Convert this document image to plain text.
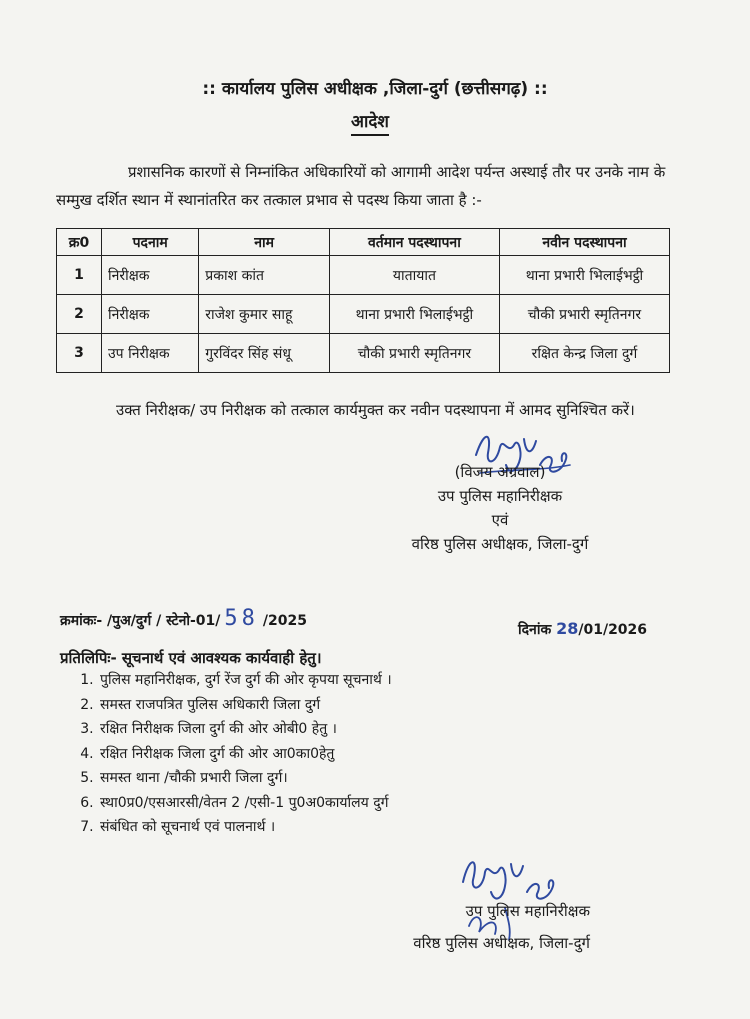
:: कार्यालय पुलिस अधीक्षक ,जिला-दुर्ग (छत्तीसगढ़) ::
आदेश
प्रशासनिक कारणों से निम्नांकित अधिकारियों को आगामी आदेश पर्यन्त अस्थाई तौर पर उनके नाम के सम्मुख दर्शित स्थान में स्थानांतरित कर तत्काल प्रभाव से पदस्थ किया जाता है :-
क्र0	पदनाम	नाम	वर्तमान पदस्थापना	नवीन पदस्थापना
1	निरीक्षक	प्रकाश कांत	यातायात	थाना प्रभारी भिलाईभट्ठी
2	निरीक्षक	राजेश कुमार साहू	थाना प्रभारी भिलाईभट्ठी	चौकी प्रभारी स्मृतिनगर
3	उप निरीक्षक	गुरविंदर सिंह संधू	चौकी प्रभारी स्मृतिनगर	रक्षित केन्द्र जिला दुर्ग
उक्त निरीक्षक/ उप निरीक्षक को तत्काल कार्यमुक्त कर नवीन पदस्थापना में आमद सुनिश्चित करें।
(विजय अग्रवाल)
उप पुलिस महानिरीक्षक
एवं
वरिष्ठ पुलिस अधीक्षक, जिला-दुर्ग
क्रमांकः- /पुअ/दुर्ग / स्टेनो-01/ 58 /2025
दिनांक 28/01/2026
प्रतिलिपिः- सूचनार्थ एवं आवश्यक कार्यवाही हेतु।
1. पुलिस महानिरीक्षक, दुर्ग रेंज दुर्ग की ओर कृपया सूचनार्थ ।
2. समस्त राजपत्रित पुलिस अधिकारी जिला दुर्ग
3. रक्षित निरीक्षक जिला दुर्ग की ओर ओबी0 हेतु ।
4. रक्षित निरीक्षक जिला दुर्ग की ओर आ0का0हेतु
5. समस्त थाना /चौकी प्रभारी जिला दुर्ग।
6. स्था0प्र0/एसआरसी/वेतन 2 /एसी-1 पु0अ0कार्यालय दुर्ग
7. संबंधित को सूचनार्थ एवं पालनार्थ ।
उप पुलिस महानिरीक्षक
वरिष्ठ पुलिस अधीक्षक, जिला-दुर्ग
